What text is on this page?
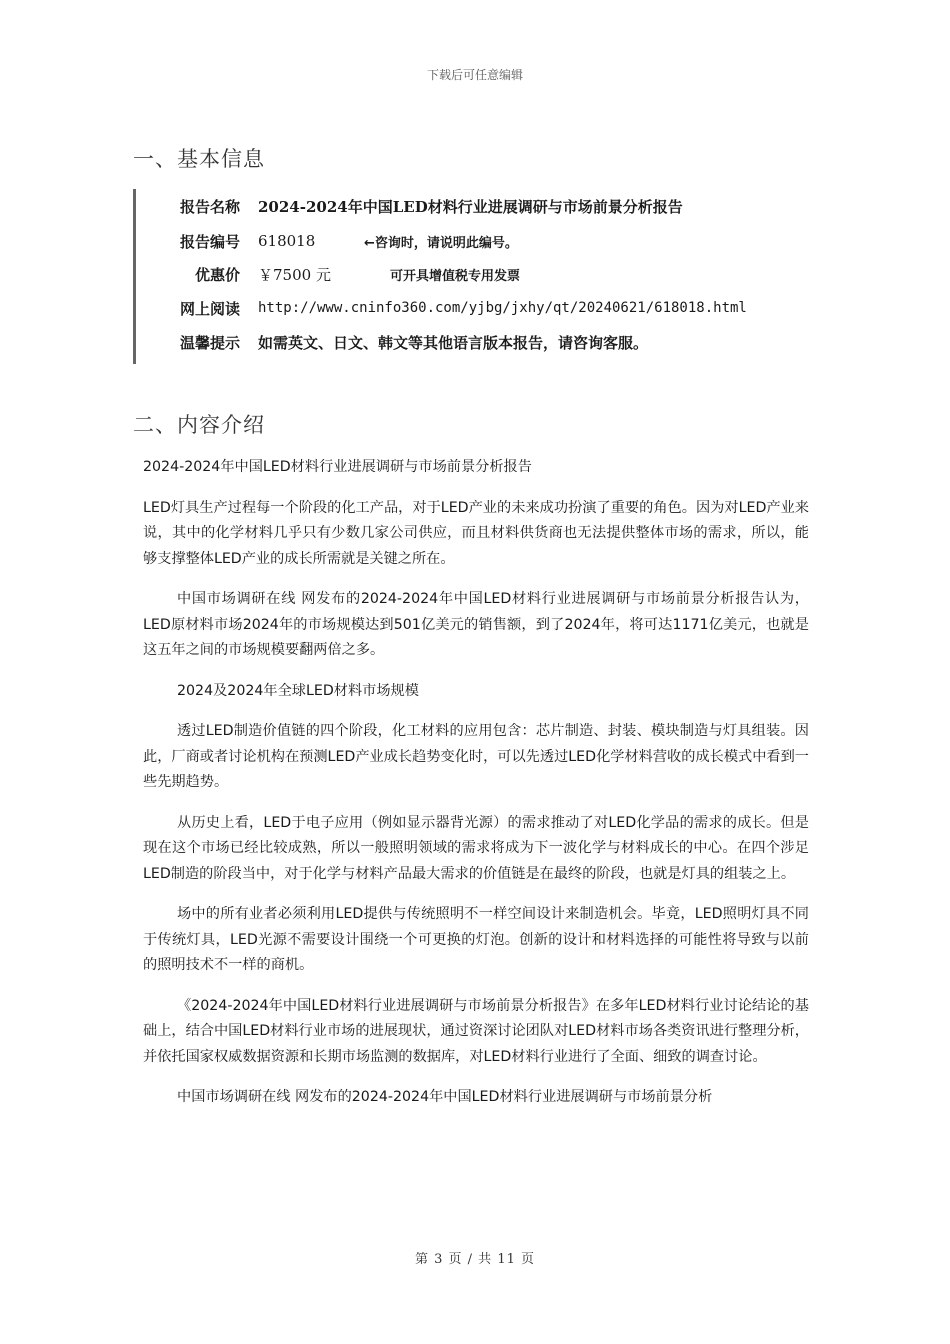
下载后可任意编辑
一、基本信息
报告名称 2024-2024年中国LED材料行业进展调研与市场前景分析报告
报告编号 618018	←咨询时，请说明此编号。
优惠价 ￥7500 元	可开具增值税专用发票
网上阅读 http://www.cninfo360.com/yjbg/jxhy/qt/20240621/618018.html
温馨提示 如需英文、日文、韩文等其他语言版本报告，请咨询客服。
二、内容介绍

2024-2024年中国LED材料行业进展调研与市场前景分析报告

LED灯具生产过程每一个阶段的化工产品，对于LED产业的未来成功扮演了重要的角色。因为对LED产业来说，其中的化学材料几乎只有少数几家公司供应，而且材料供货商也无法提供整体市场的需求，所以，能够支撑整体LED产业的成长所需就是关键之所在。

中国市场调研在线 网发布的2024-2024年中国LED材料行业进展调研与市场前景分析报告认为，LED原材料市场2024年的市场规模达到501亿美元的销售额，到了2024年，将可达1171亿美元，也就是这五年之间的市场规模要翻两倍之多。

2024及2024年全球LED材料市场规模

透过LED制造价值链的四个阶段，化工材料的应用包含：芯片制造、封装、模块制造与灯具组装。因此，厂商或者讨论机构在预测LED产业成长趋势变化时，可以先透过LED化学材料营收的成长模式中看到一些先期趋势。

从历史上看，LED于电子应用（例如显示器背光源）的需求推动了对LED化学品的需求的成长。但是现在这个市场已经比较成熟，所以一般照明领域的需求将成为下一波化学与材料成长的中心。在四个涉足LED制造的阶段当中，对于化学与材料产品最大需求的价值链是在最终的阶段，也就是灯具的组装之上。

场中的所有业者必须利用LED提供与传统照明不一样空间设计来制造机会。毕竟，LED照明灯具不同于传统灯具，LED光源不需要设计围绕一个可更换的灯泡。创新的设计和材料选择的可能性将导致与以前的照明技术不一样的商机。

《2024-2024年中国LED材料行业进展调研与市场前景分析报告》在多年LED材料行业讨论结论的基础上，结合中国LED材料行业市场的进展现状，通过资深讨论团队对LED材料市场各类资讯进行整理分析，并依托国家权威数据资源和长期市场监测的数据库，对LED材料行业进行了全面、细致的调查讨论。

中国市场调研在线 网发布的2024-2024年中国LED材料行业进展调研与市场前景分析

第 3 页 / 共 11 页
